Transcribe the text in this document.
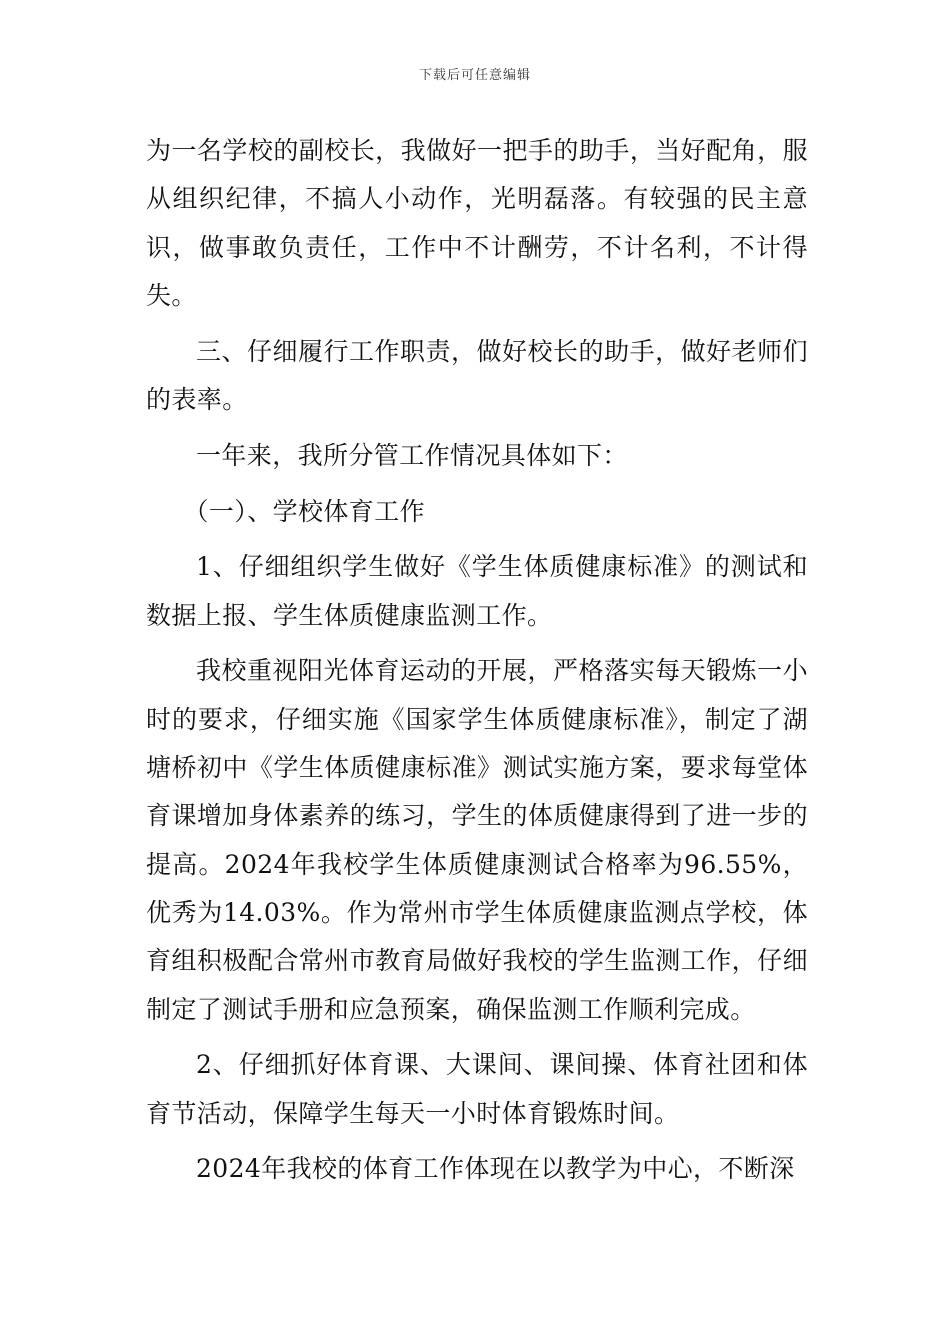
下载后可任意编辑

为一名学校的副校长，我做好一把手的助手，当好配角，服从组织纪律，不搞人小动作，光明磊落。有较强的民主意识，做事敢负责任，工作中不计酬劳，不计名利，不计得失。

三、仔细履行工作职责，做好校长的助手，做好老师们的表率。

一年来，我所分管工作情况具体如下：

（一）、学校体育工作

1、仔细组织学生做好《学生体质健康标准》的测试和数据上报、学生体质健康监测工作。

我校重视阳光体育运动的开展，严格落实每天锻炼一小时的要求，仔细实施《国家学生体质健康标准》，制定了湖塘桥初中《学生体质健康标准》测试实施方案，要求每堂体育课增加身体素养的练习，学生的体质健康得到了进一步的提高。2024年我校学生体质健康测试合格率为96.55%，优秀为14.03%。作为常州市学生体质健康监测点学校，体育组积极配合常州市教育局做好我校的学生监测工作，仔细制定了测试手册和应急预案，确保监测工作顺利完成。

2、仔细抓好体育课、大课间、课间操、体育社团和体育节活动，保障学生每天一小时体育锻炼时间。

2024年我校的体育工作体现在以教学为中心，不断深
